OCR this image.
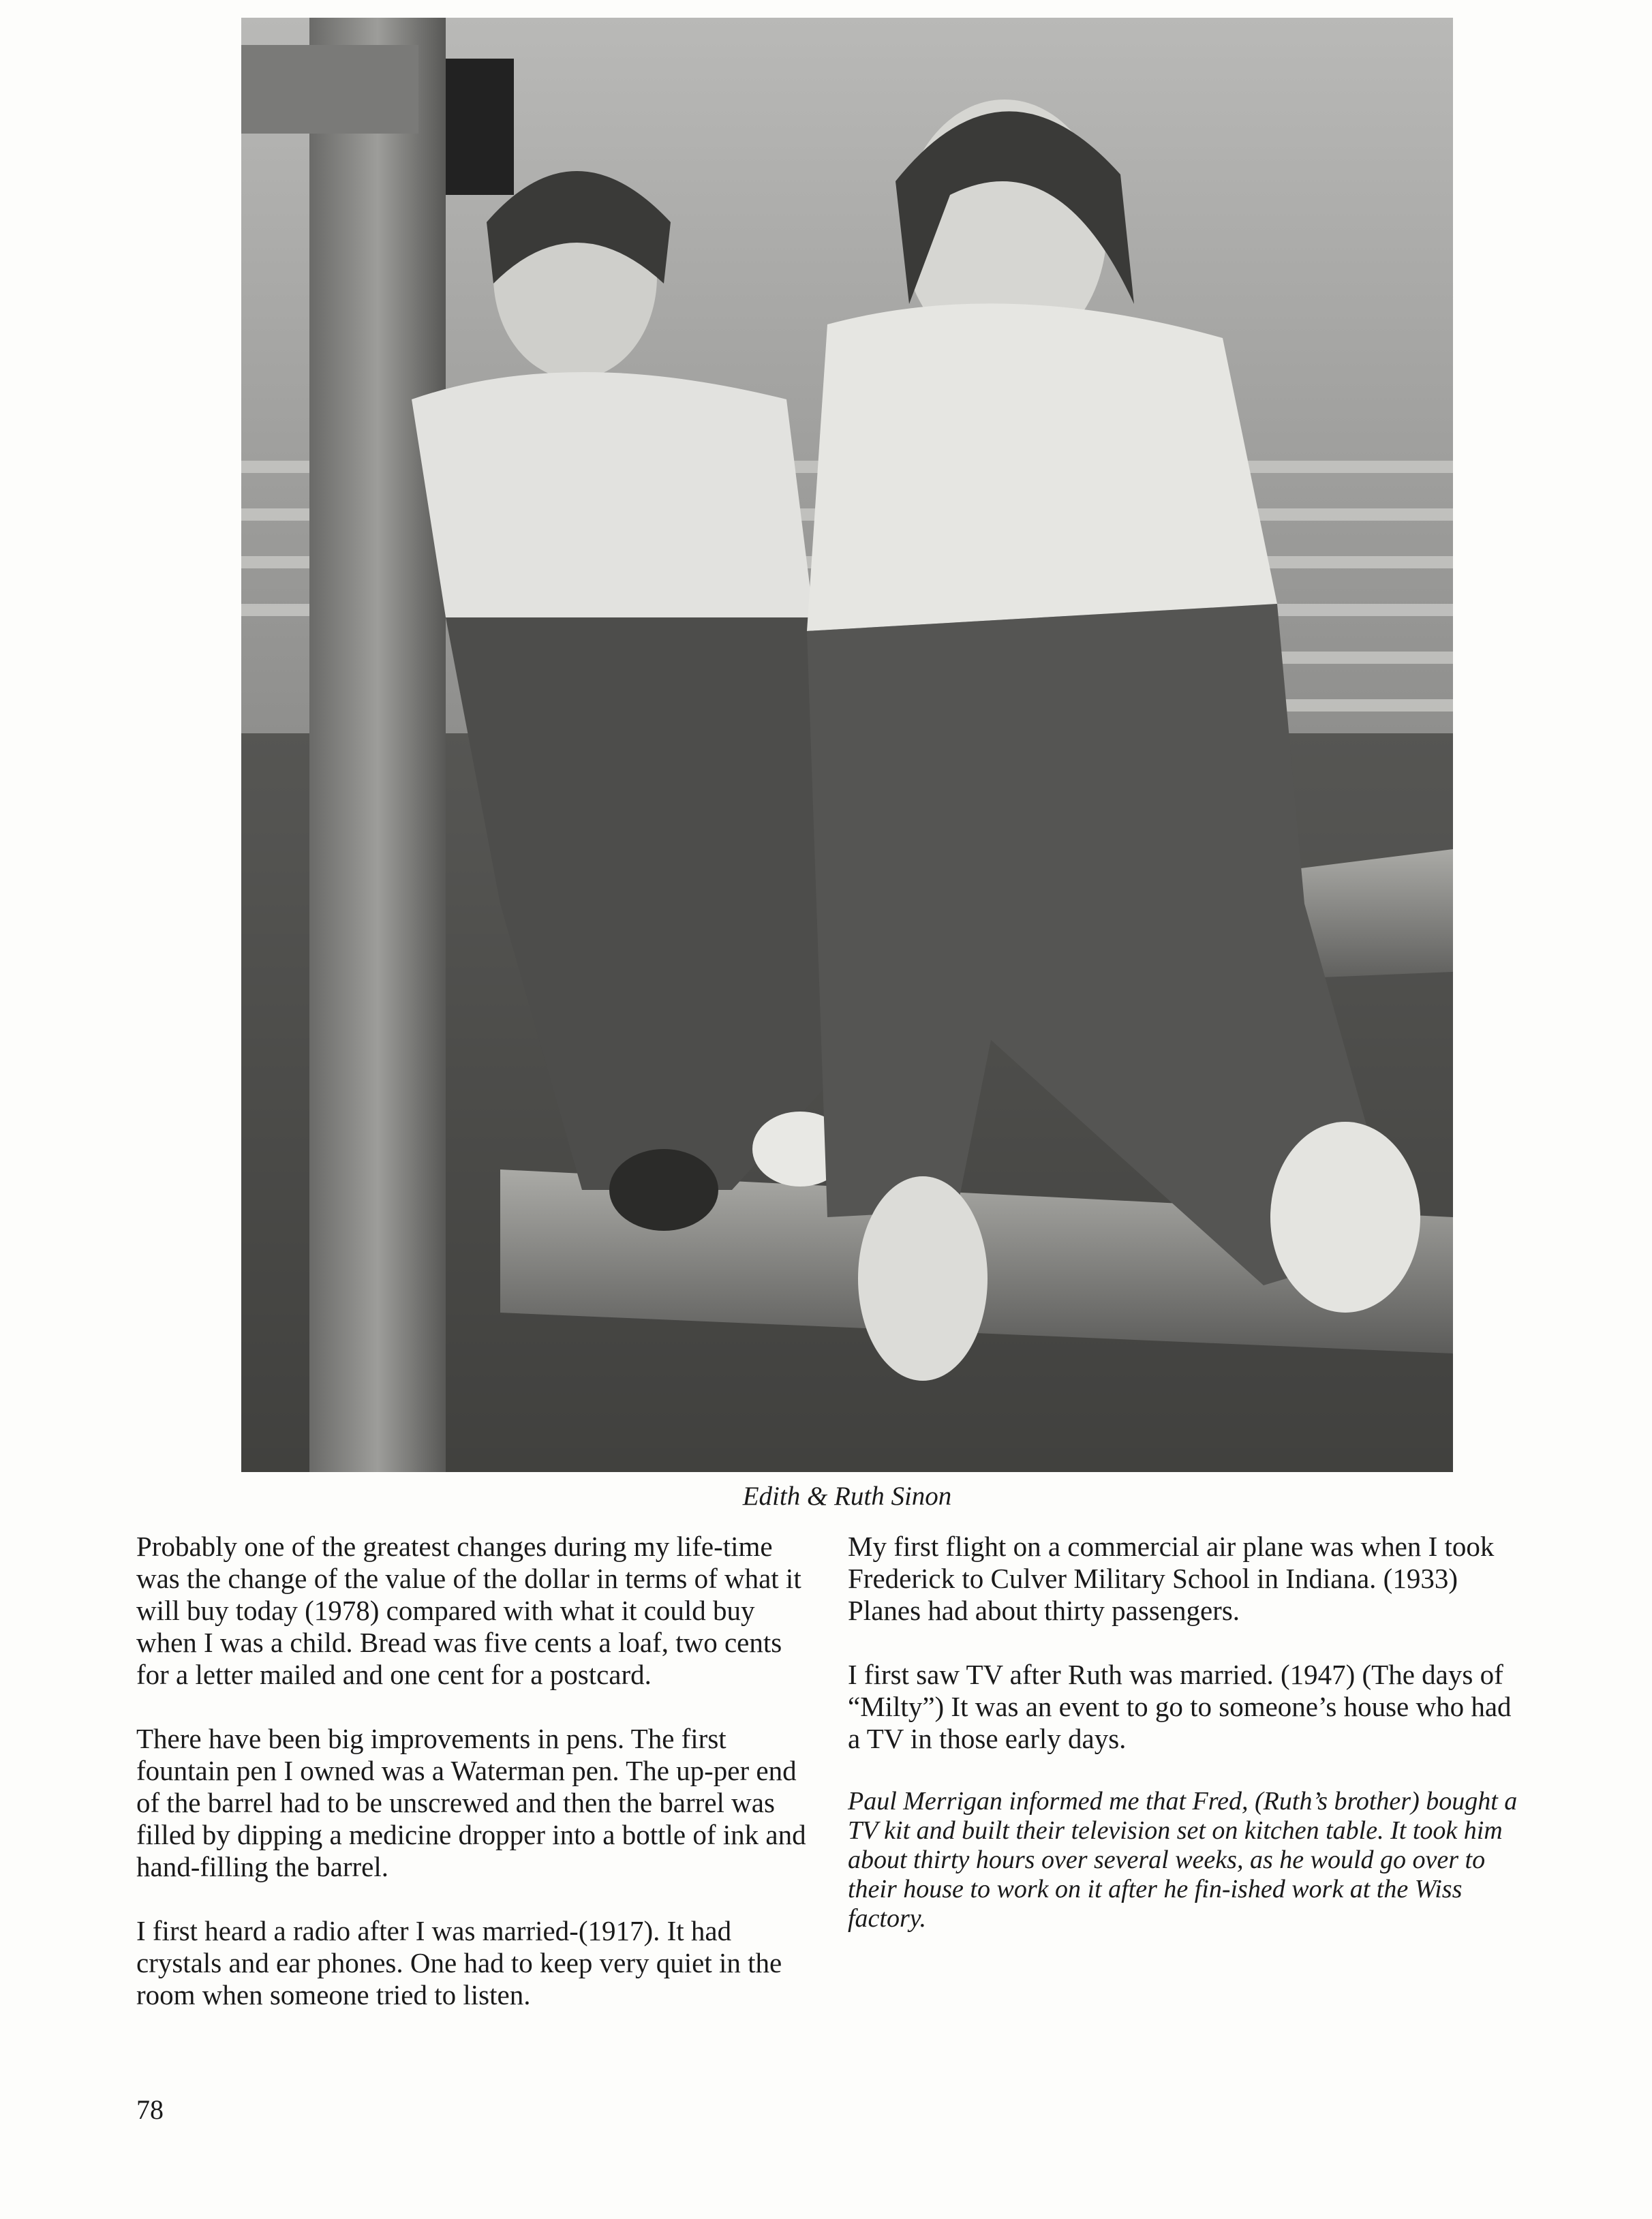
Edith & Ruth Sinon

Probably one of the greatest changes during my life-time was the change of the value of the dollar in terms of what it will buy today (1978) compared with what it could buy when I was a child. Bread was five cents a loaf, two cents for a letter mailed and one cent for a postcard.

There have been big improvements in pens. The first fountain pen I owned was a Waterman pen. The up-per end of the barrel had to be unscrewed and then the barrel was filled by dipping a medicine dropper into a bottle of ink and hand-filling the barrel.

I first heard a radio after I was married-(1917). It had crystals and ear phones. One had to keep very quiet in the room when someone tried to listen.

My first flight on a commercial air plane was when I took Frederick to Culver Military School in Indiana. (1933) Planes had about thirty passengers.

I first saw TV after Ruth was married. (1947) (The days of “Milty”) It was an event to go to someone’s house who had a TV in those early days.

Paul Merrigan informed me that Fred, (Ruth’s brother) bought a TV kit and built their television set on kitchen table. It took him about thirty hours over several weeks, as he would go over to their house to work on it after he fin-ished work at the Wiss factory.

78
